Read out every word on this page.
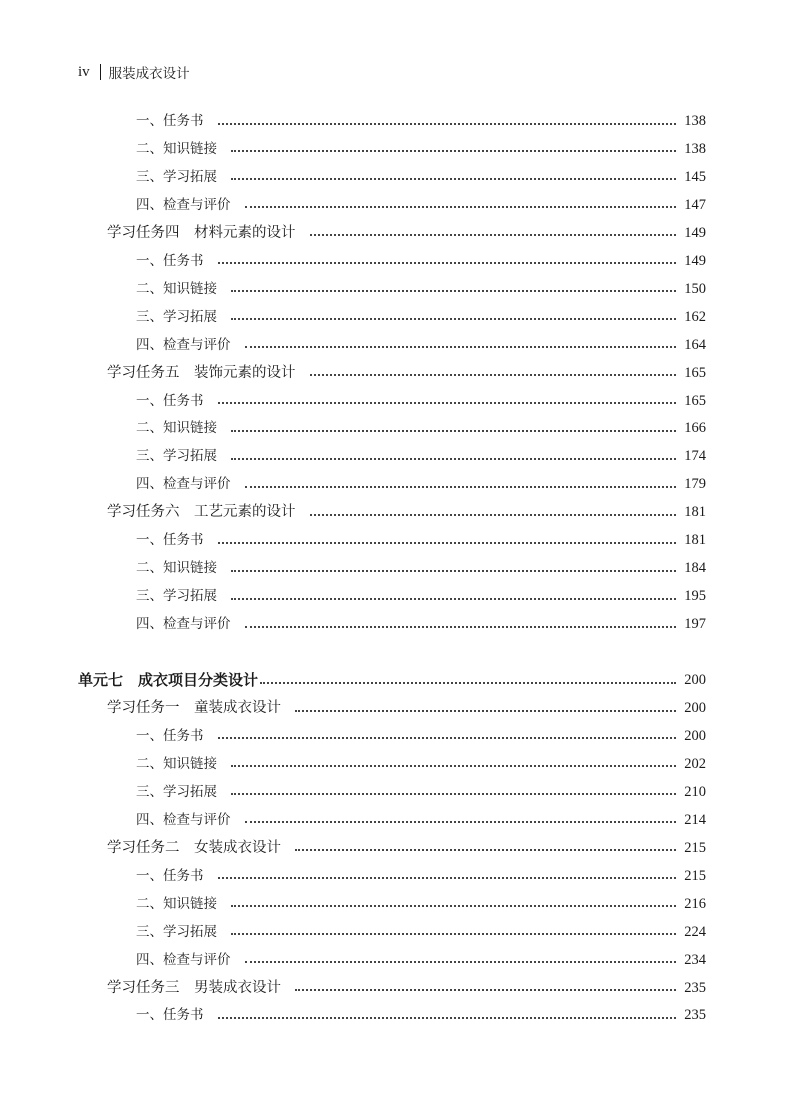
iv 服装成衣设计
一、任务书	138
二、知识链接	138
三、学习拓展	145
四、检查与评价	147
学习任务四　材料元素的设计	149
一、任务书	149
二、知识链接	150
三、学习拓展	162
四、检查与评价	164
学习任务五　装饰元素的设计	165
一、任务书	165
二、知识链接	166
三、学习拓展	174
四、检查与评价	179
学习任务六　工艺元素的设计	181
一、任务书	181
二、知识链接	184
三、学习拓展	195
四、检查与评价	197
单元七　成衣项目分类设计	200
学习任务一　童装成衣设计	200
一、任务书	200
二、知识链接	202
三、学习拓展	210
四、检查与评价	214
学习任务二　女装成衣设计	215
一、任务书	215
二、知识链接	216
三、学习拓展	224
四、检查与评价	234
学习任务三　男装成衣设计	235
一、任务书	235
